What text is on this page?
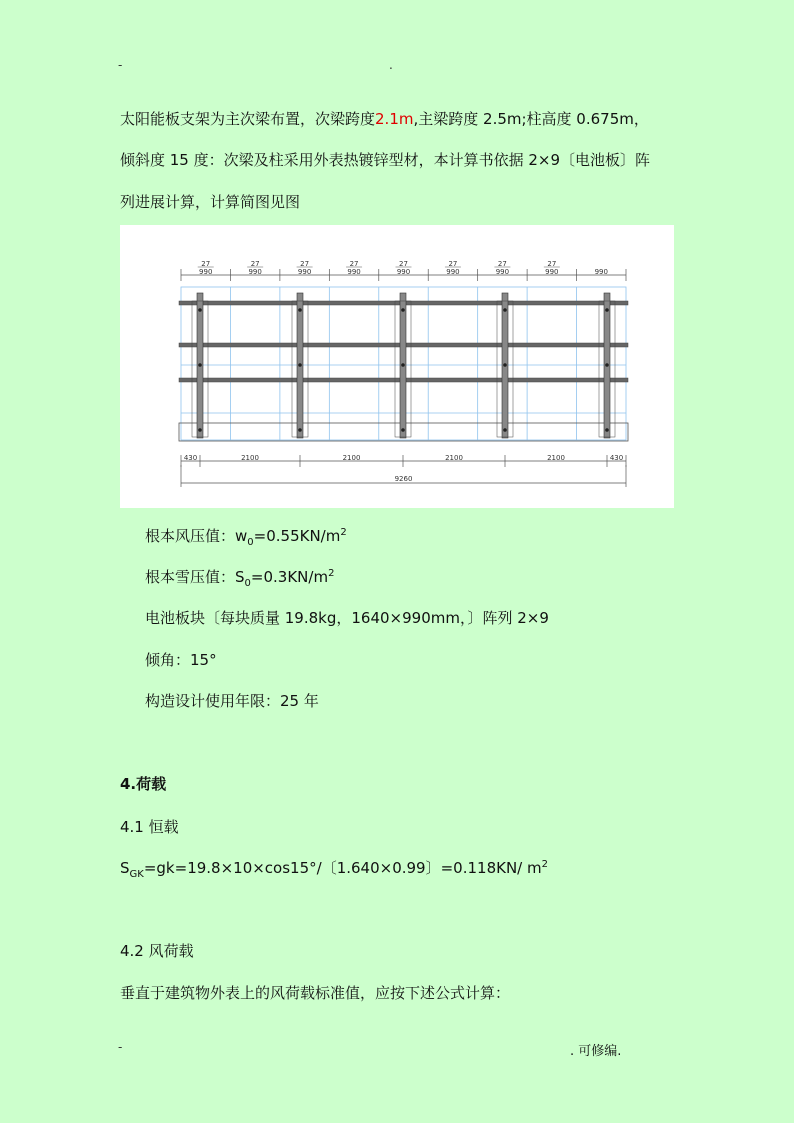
-	.
太阳能板支架为主次梁布置，次梁跨度2.1m,主梁跨度 2.5m;柱高度 0.675m，
倾斜度 15 度：次梁及柱采用外表热镀锌型材，本计算书依据 2×9〔电池板〕阵
列进展计算，计算简图见图
990	990	990	990	990	990	990	990	990
27	27	27	27	27	27	27	27
430	2100	2100	2100	2100	430
9260
根本风压值：$w_0=0.55KN/m^2$
根本雪压值：$S_0=0.3KN/m^2$
电池板块〔每块质量 19.8kg，1640×990mm，〕阵列 2×9
倾角：15°
构造设计使用年限：25 年
4.荷载
4.1 恒载
$S_{GK}=gk=19.8\times 10\times\cos 15^\circ/$〔1.640×0.99〕=0.118KN/ $m^2$
4.2 风荷载
垂直于建筑物外表上的风荷载标准值，应按下述公式计算：
-	. 可修编.
